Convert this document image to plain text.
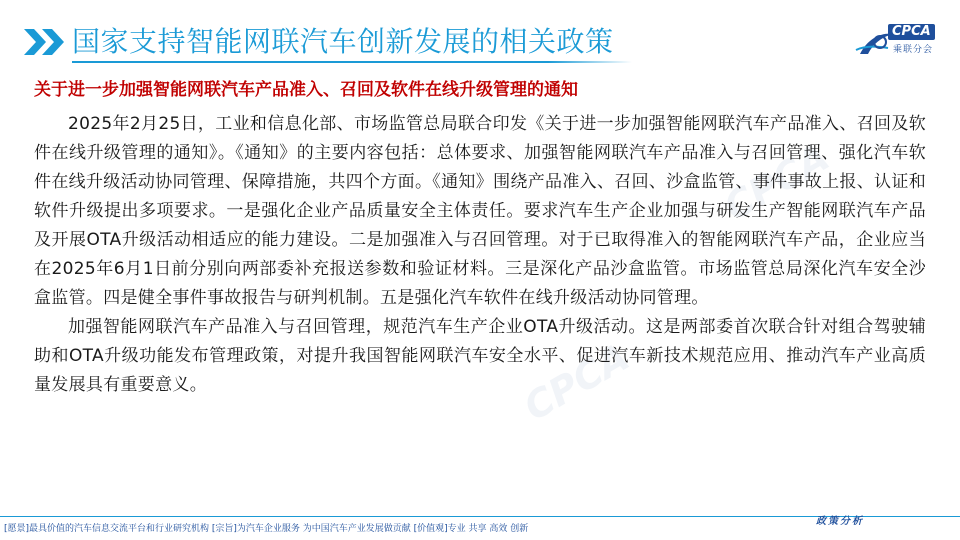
国家支持智能网联汽车创新发展的相关政策	CPCA
乘联分会
CPCA
CPCA
关于进一步加强智能网联汽车产品准入、召回及软件在线升级管理的通知

2025年2月25日，工业和信息化部、市场监管总局联合印发《关于进一步加强智能网联汽车产品准入、召回及软件在线升级管理的通知》。《通知》的主要内容包括：总体要求、加强智能网联汽车产品准入与召回管理、强化汽车软件在线升级活动协同管理、保障措施，共四个方面。《通知》围绕产品准入、召回、沙盒监管、事件事故上报、认证和软件升级提出多项要求。一是强化企业产品质量安全主体责任。要求汽车生产企业加强与研发生产智能网联汽车产品及开展OTA升级活动相适应的能力建设。二是加强准入与召回管理。对于已取得准入的智能网联汽车产品，企业应当在2025年6月1日前分别向两部委补充报送参数和验证材料。三是深化产品沙盒监管。市场监管总局深化汽车安全沙盒监管。四是健全事件事故报告与研判机制。五是强化汽车软件在线升级活动协同管理。

加强智能网联汽车产品准入与召回管理，规范汽车生产企业OTA升级活动。这是两部委首次联合针对组合驾驶辅助和OTA升级功能发布管理政策，对提升我国智能网联汽车安全水平、促进汽车新技术规范应用、推动汽车产业高质量发展具有重要意义。

[愿景]最具价值的汽车信息交流平台和行业研究机构 [宗旨]为汽车企业服务 为中国汽车产业发展做贡献 [价值观]专业 共享 高效 创新
政策分析
